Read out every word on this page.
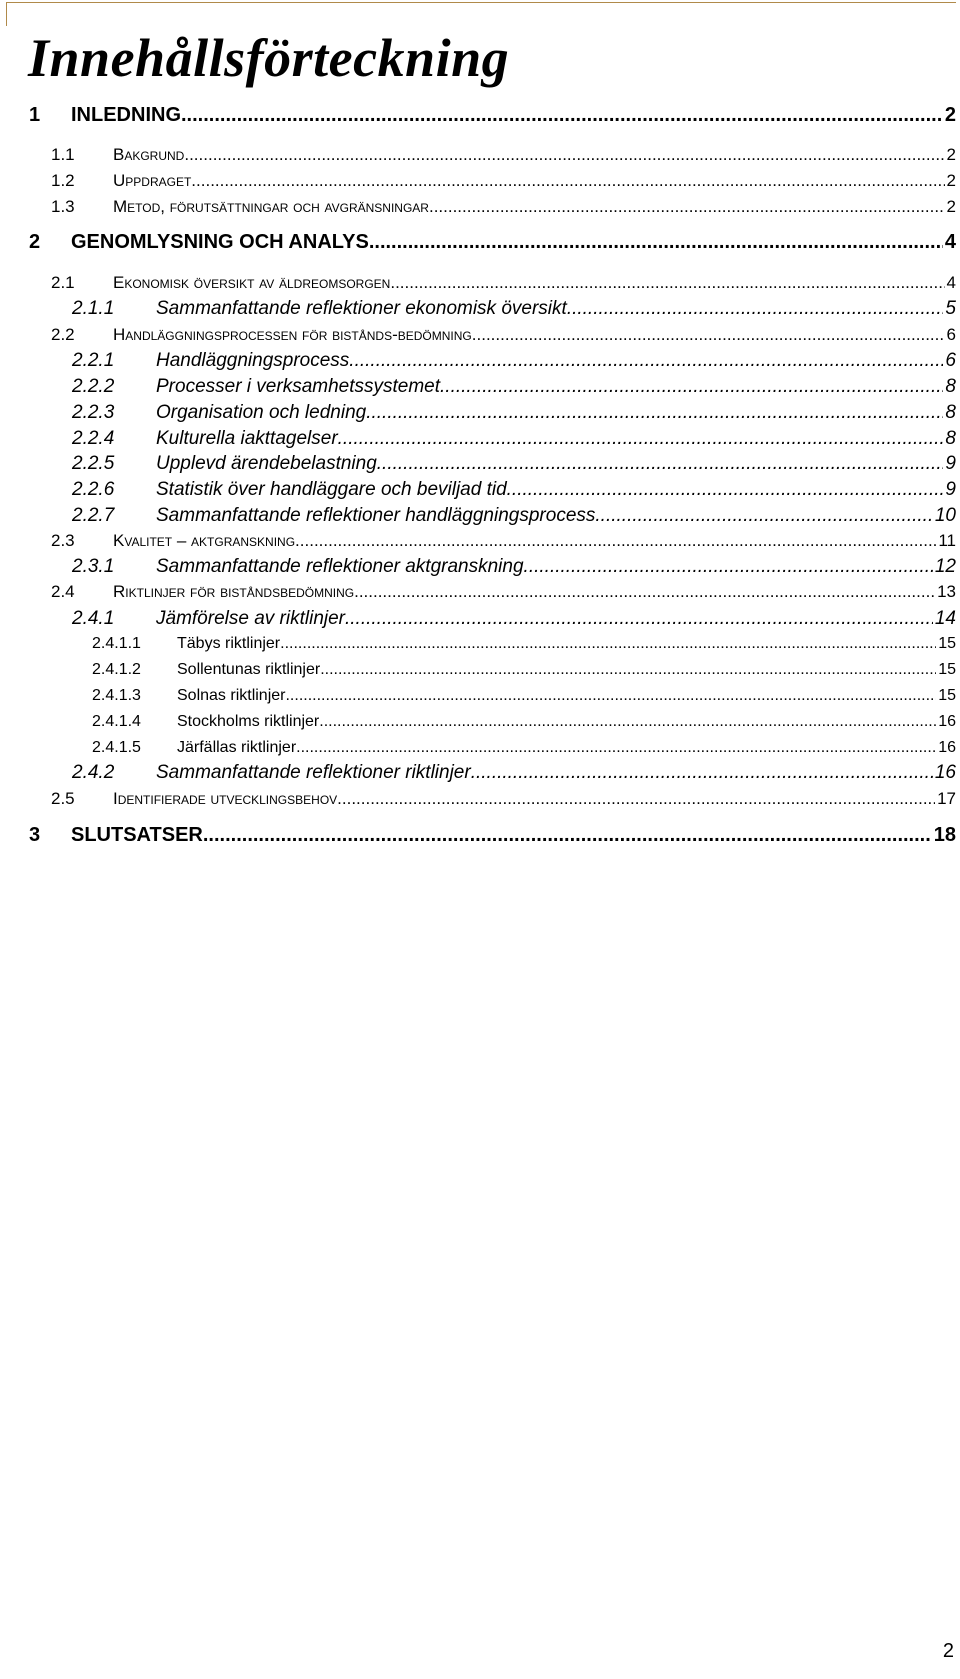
Innehållsförteckning
1	INLEDNING .....	2
1.1	Bakgrund .....	2
1.2	Uppdraget .....	2
1.3	Metod, förutsättningar och avgränsningar .....	2
2	GENOMLYSNING OCH ANALYS .....	4
2.1	Ekonomisk översikt av äldreomsorgen .....	4
2.1.1	Sammanfattande reflektioner ekonomisk översikt .....	5
2.2	Handläggningsprocessen för bistånds-bedömning .....	6
2.2.1	Handläggningsprocess .....	6
2.2.2	Processer i verksamhetssystemet .....	8
2.2.3	Organisation och ledning .....	8
2.2.4	Kulturella iakttagelser .....	8
2.2.5	Upplevd ärendebelastning .....	9
2.2.6	Statistik över handläggare och beviljad tid .....	9
2.2.7	Sammanfattande reflektioner handläggningsprocess .....	10
2.3	Kvalitet – aktgranskning .....	11
2.3.1	Sammanfattande reflektioner aktgranskning .....	12
2.4	Riktlinjer för biståndsbedömning .....	13
2.4.1	Jämförelse av riktlinjer .....	14
2.4.1.1	Täbys riktlinjer .....	15
2.4.1.2	Sollentunas riktlinjer .....	15
2.4.1.3	Solnas riktlinjer .....	15
2.4.1.4	Stockholms riktlinjer .....	16
2.4.1.5	Järfällas riktlinjer .....	16
2.4.2	Sammanfattande reflektioner riktlinjer .....	16
2.5	Identifierade utvecklingsbehov .....	17
3	SLUTSATSER .....	18
2
